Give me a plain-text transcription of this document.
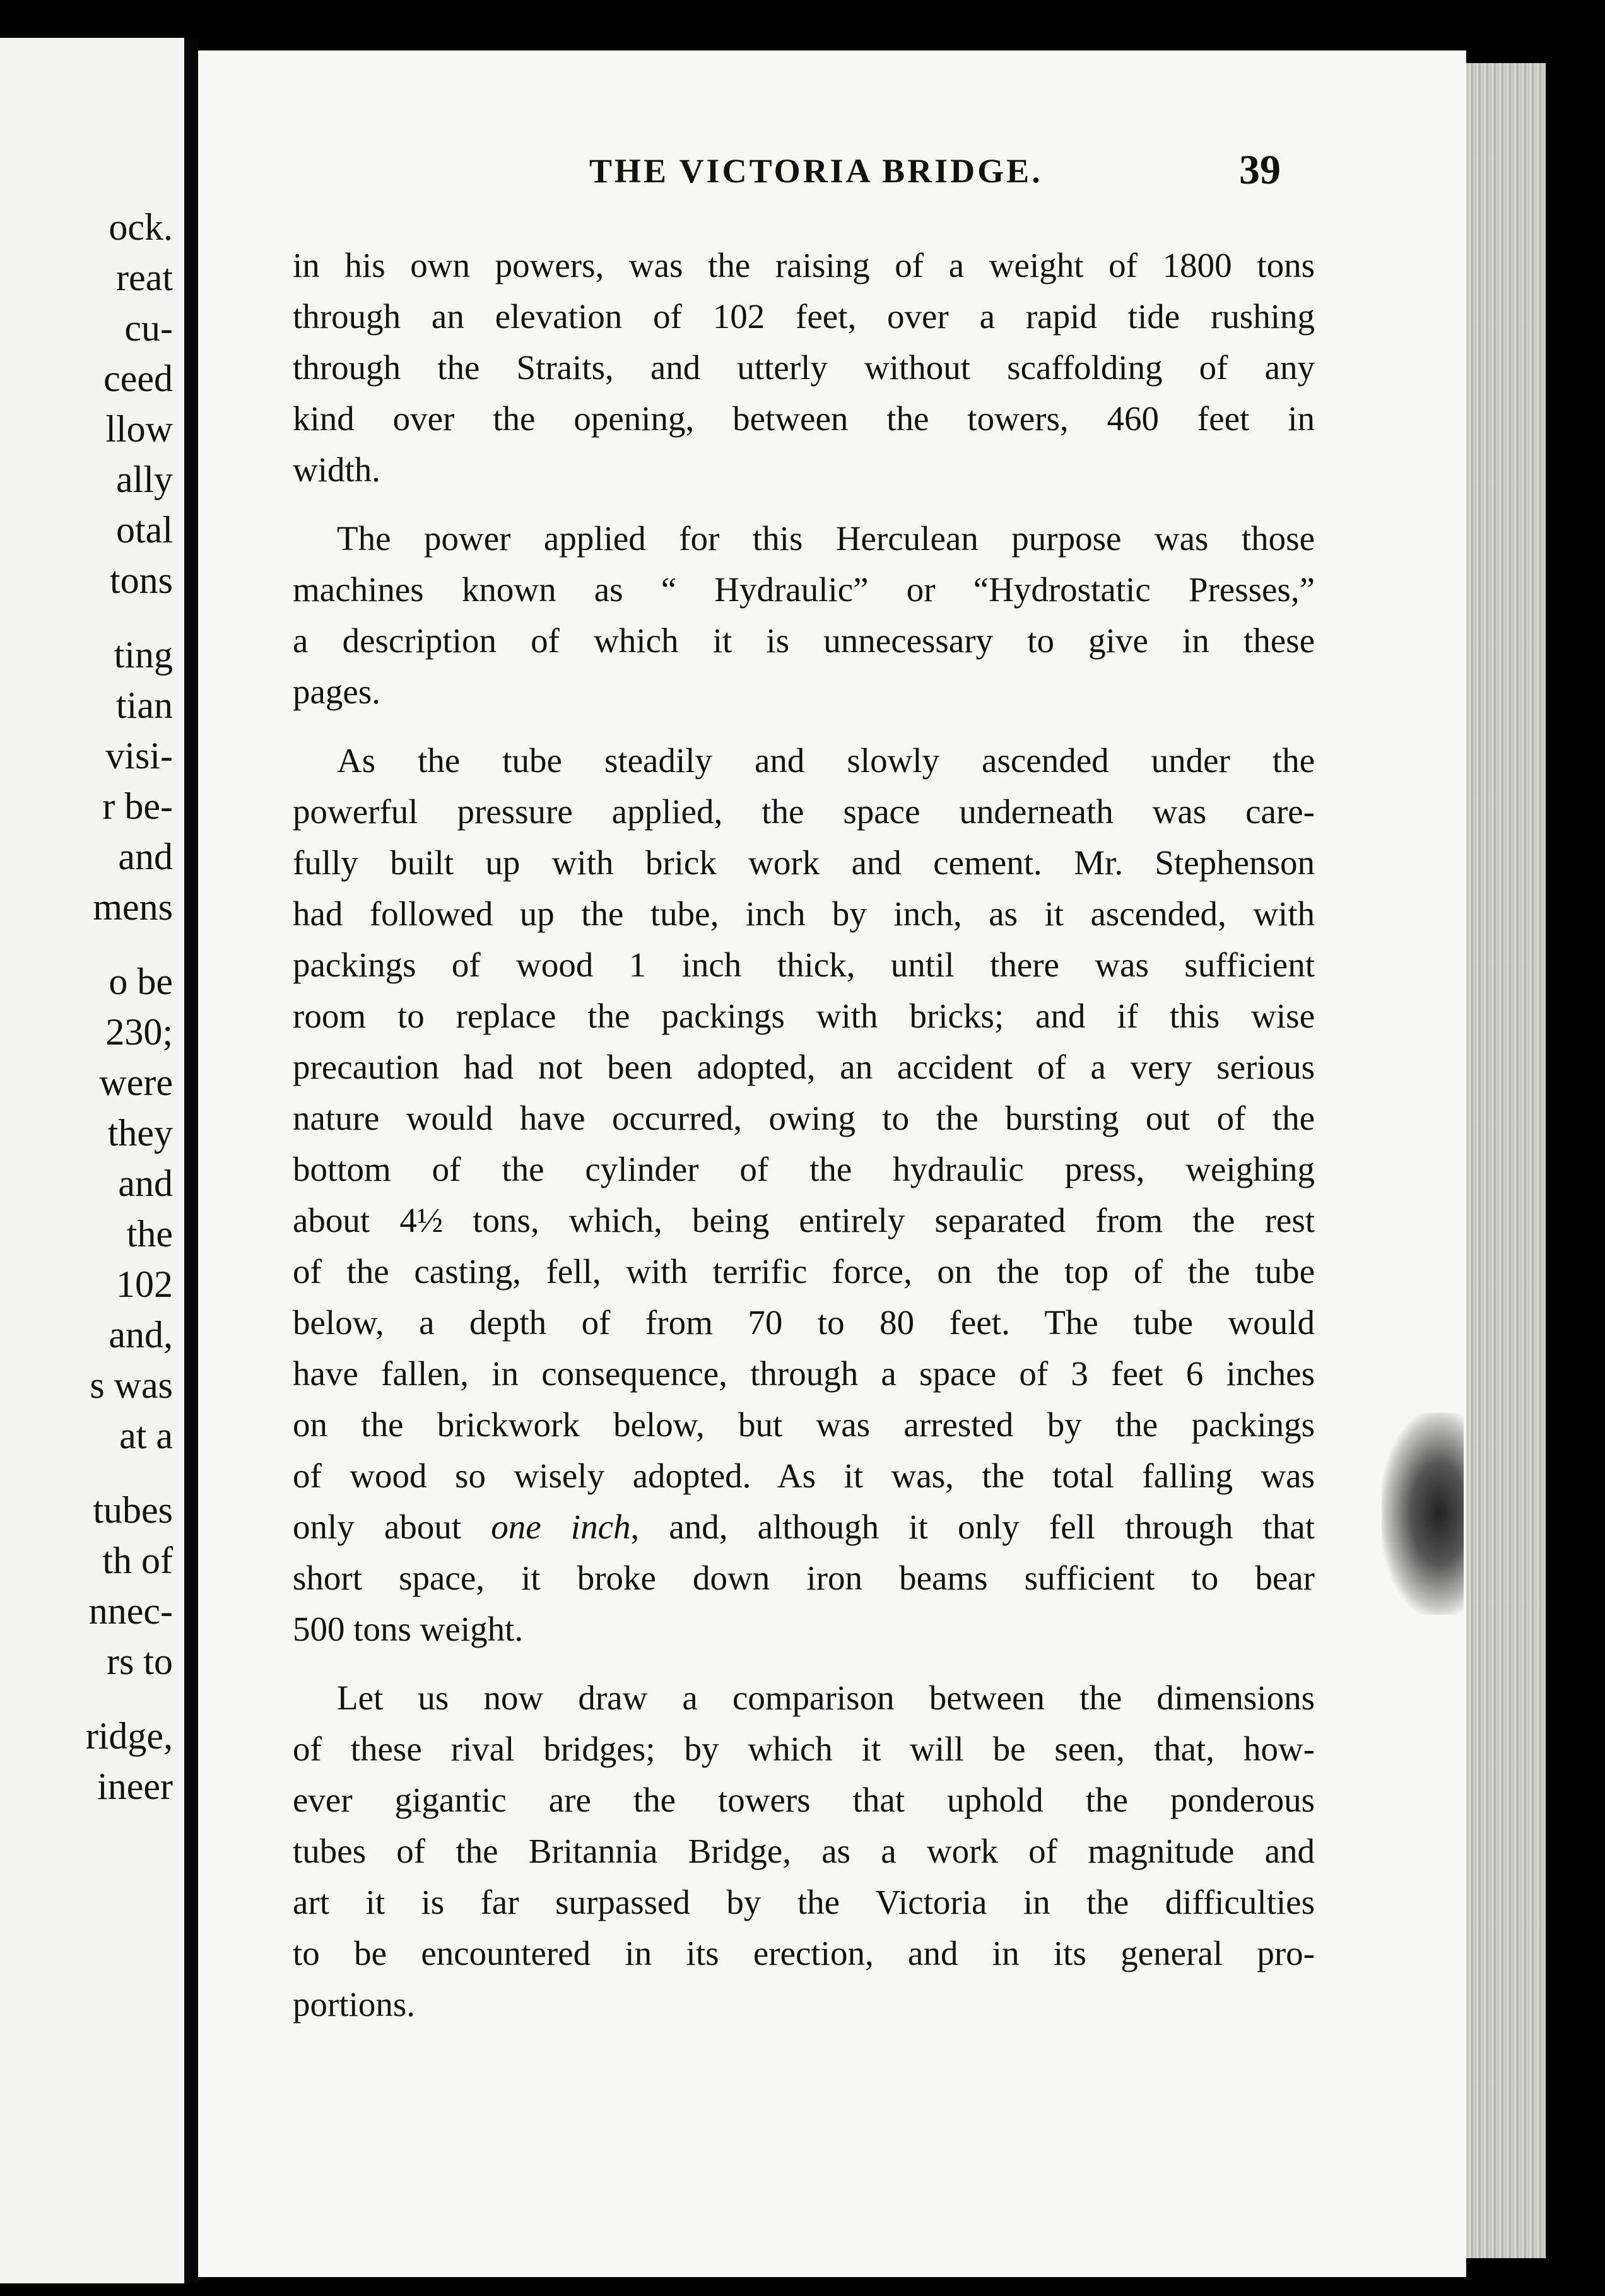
ock.
reat
cu-
ceed
llow
ally
otal
tons
ting
tian
visi-
r be-
and
mens
o be
230;
were
they
and
the
102
and,
s was
at a
tubes
th of
nnec-
rs to
ridge,
ineer
THE VICTORIA BRIDGE.	39
in his own powers, was the raising of a weight of 1800 tons
through an elevation of 102 feet, over a rapid tide rushing
through the Straits, and utterly without scaffolding of any
kind over the opening, between the towers, 460 feet in
width.
The power applied for this Herculean purpose was those
machines known as “ Hydraulic” or “Hydrostatic Presses,”
a description of which it is unnecessary to give in these
pages.
As the tube steadily and slowly ascended under the
powerful pressure applied, the space underneath was care-
fully built up with brick work and cement. Mr. Stephenson
had followed up the tube, inch by inch, as it ascended, with
packings of wood 1 inch thick, until there was sufficient
room to replace the packings with bricks; and if this wise
precaution had not been adopted, an accident of a very serious
nature would have occurred, owing to the bursting out of the
bottom of the cylinder of the hydraulic press, weighing
about 4½ tons, which, being entirely separated from the rest
of the casting, fell, with terrific force, on the top of the tube
below, a depth of from 70 to 80 feet. The tube would
have fallen, in consequence, through a space of 3 feet 6 inches
on the brickwork below, but was arrested by the packings
of wood so wisely adopted. As it was, the total falling was
only about one inch, and, although it only fell through that
short space, it broke down iron beams sufficient to bear
500 tons weight.
Let us now draw a comparison between the dimensions
of these rival bridges; by which it will be seen, that, how-
ever gigantic are the towers that uphold the ponderous
tubes of the Britannia Bridge, as a work of magnitude and
art it is far surpassed by the Victoria in the difficulties
to be encountered in its erection, and in its general pro-
portions.
